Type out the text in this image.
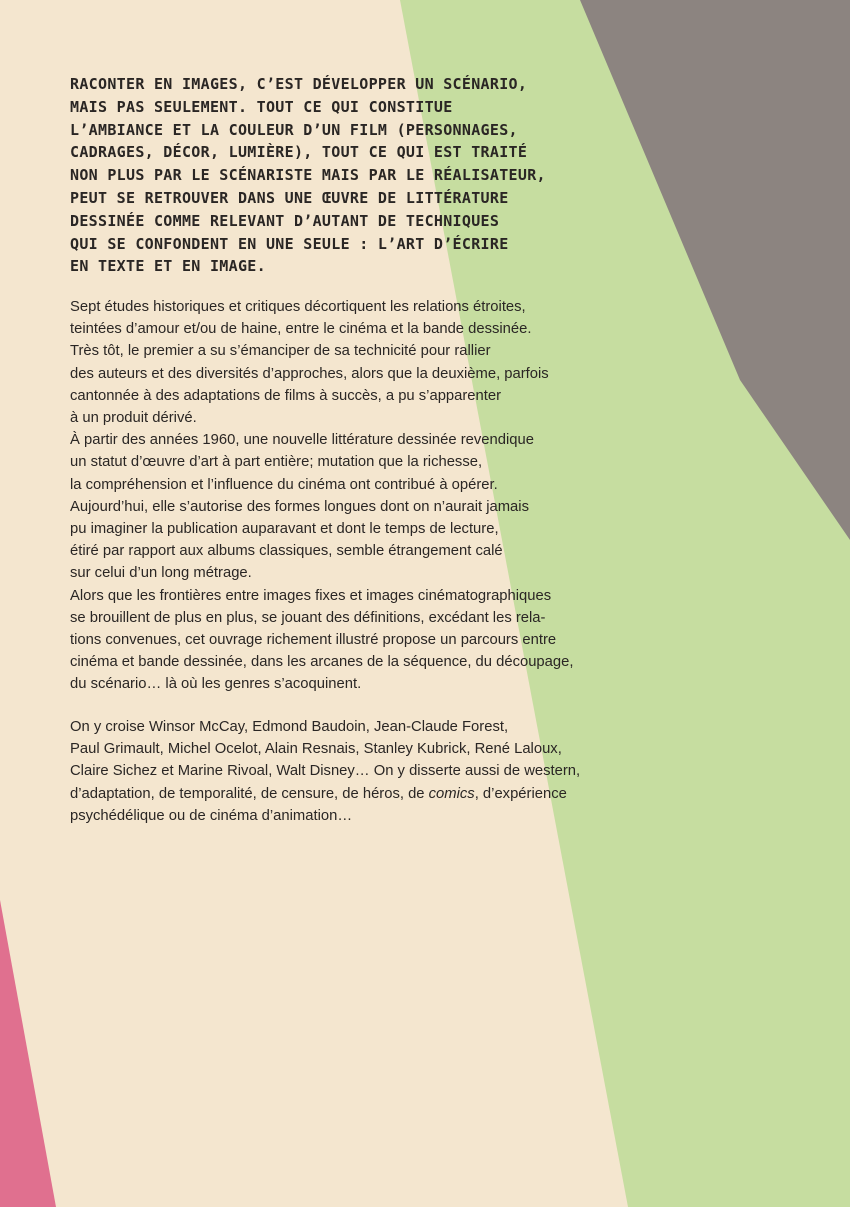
RACONTER EN IMAGES, C’EST DÉVELOPPER UN SCÉNARIO,
MAIS PAS SEULEMENT. TOUT CE QUI CONSTITUE
L’AMBIANCE ET LA COULEUR D’UN FILM (PERSONNAGES,
CADRAGES, DÉCOR, LUMIÈRE), TOUT CE QUI EST TRAITÉ
NON PLUS PAR LE SCÉNARISTE MAIS PAR LE RÉALISATEUR,
PEUT SE RETROUVER DANS UNE ŒUVRE DE LITTÉRATURE
DESSINÉE COMME RELEVANT D’AUTANT DE TECHNIQUES
QUI SE CONFONDENT EN UNE SEULE : L’ART D’ÉCRIRE
EN TEXTE ET EN IMAGE.
Sept études historiques et critiques décortiquent les relations étroites,
teintées d’amour et/ou de haine, entre le cinéma et la bande dessinée.
Très tôt, le premier a su s’émanciper de sa technicité pour rallier
des auteurs et des diversités d’approches, alors que la deuxième, parfois
cantonnée à des adaptations de films à succès, a pu s’apparenter
à un produit dérivé.
À partir des années 1960, une nouvelle littérature dessinée revendique
un statut d’œuvre d’art à part entière; mutation que la richesse,
la compréhension et l’influence du cinéma ont contribué à opérer.
Aujourd’hui, elle s’autorise des formes longues dont on n’aurait jamais
pu imaginer la publication auparavant et dont le temps de lecture,
étiré par rapport aux albums classiques, semble étrangement calé
sur celui d’un long métrage.
Alors que les frontières entre images fixes et images cinématographiques
se brouillent de plus en plus, se jouant des définitions, excédant les rela-
tions convenues, cet ouvrage richement illustré propose un parcours entre
cinéma et bande dessinée, dans les arcanes de la séquence, du découpage,
du scénario… là où les genres s’acoquinent.
On y croise Winsor McCay, Edmond Baudoin, Jean-Claude Forest,
Paul Grimault, Michel Ocelot, Alain Resnais, Stanley Kubrick, René Laloux,
Claire Sichez et Marine Rivoal, Walt Disney… On y disserte aussi de western,
d’adaptation, de temporalité, de censure, de héros, de comics, d’expérience
psychédélique ou de cinéma d’animation…
